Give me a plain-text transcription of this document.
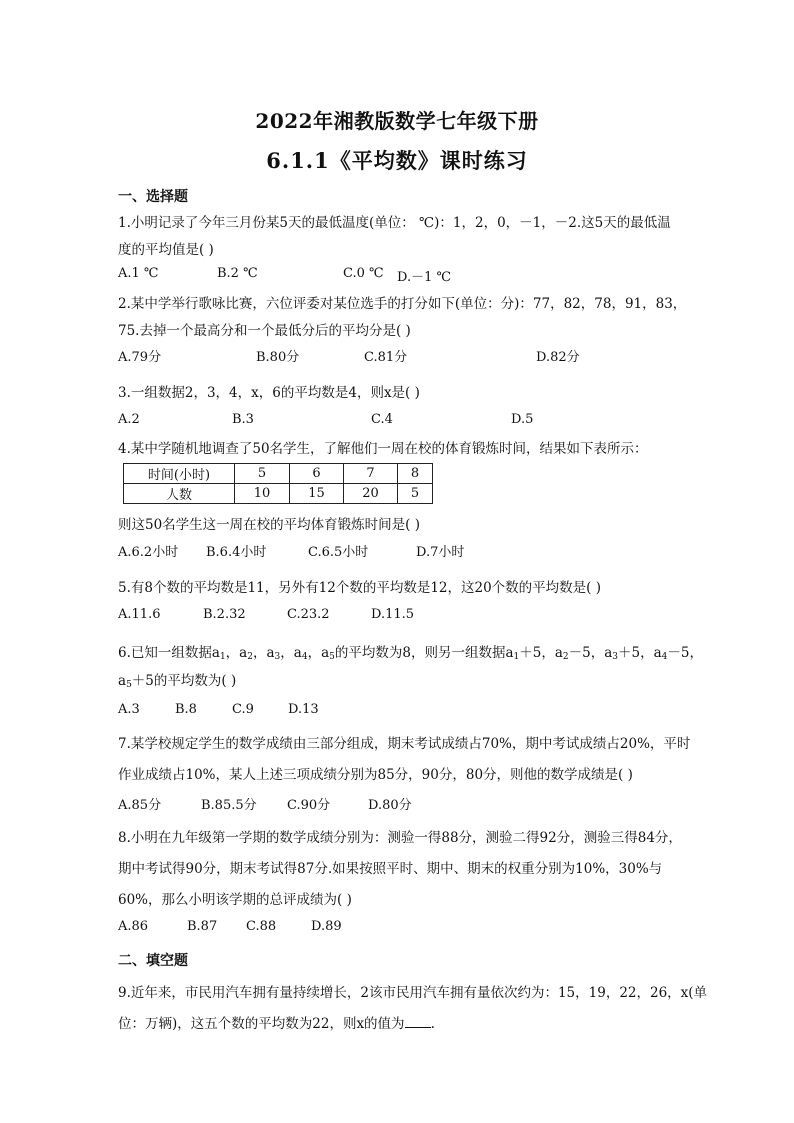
2022年湘教版数学七年级下册
6.1.1《平均数》课时练习
一、选择题
1.小明记录了今年三月份某5天的最低温度(单位： ℃)：1，2，0，－1，－2.这5天的最低温
度的平均值是( )
A.1 ℃	B.2 ℃	C.0 ℃ D.－1 ℃
2.某中学举行歌咏比赛，六位评委对某位选手的打分如下(单位：分)：77，82，78，91，83，
75.去掉一个最高分和一个最低分后的平均分是( )
A.79分	B.80分	C.81分	D.82分
3.一组数据2，3，4，x，6的平均数是4，则x是( )
A.2	B.3	C.4	D.5
4.某中学随机地调查了50名学生，了解他们一周在校的体育锻炼时间，结果如下表所示：
时间(小时)	5	6	7	8
人数	10	15	20	5
则这50名学生这一周在校的平均体育锻炼时间是( )
A.6.2小时 B.6.4小时	C.6.5小时	D.7小时
5.有8个数的平均数是11，另外有12个数的平均数是12，这20个数的平均数是( )
A.11.6	B.2.32	C.23.2	D.11.5
6.已知一组数据$a_1$，$a_2$，$a_3$，$a_4$，$a_5$的平均数为8，则另一组数据$a_1+5$，$a_2-5$，$a_3+5$，$a_4-5$，
$a_5+5$的平均数为( )
A.3	B.8	C.9	D.13
7.某学校规定学生的数学成绩由三部分组成，期末考试成绩占70%，期中考试成绩占20%，平时
作业成绩占10%，某人上述三项成绩分别为85分，90分，80分，则他的数学成绩是( )
A.85分	B.85.5分 C.90分	D.80分
8.小明在九年级第一学期的数学成绩分别为：测验一得88分，测验二得92分，测验三得84分，
期中考试得90分，期末考试得87分.如果按照平时、期中、期末的权重分别为10%，30%与
60%，那么小明该学期的总评成绩为( )
A.86	B.87 C.88	D.89
二、填空题
9.近年来，市民用汽车拥有量持续增长，2该市民用汽车拥有量依次约为：15，19，22，26，x(单
位：万辆)，这五个数的平均数为22，则x的值为 .
